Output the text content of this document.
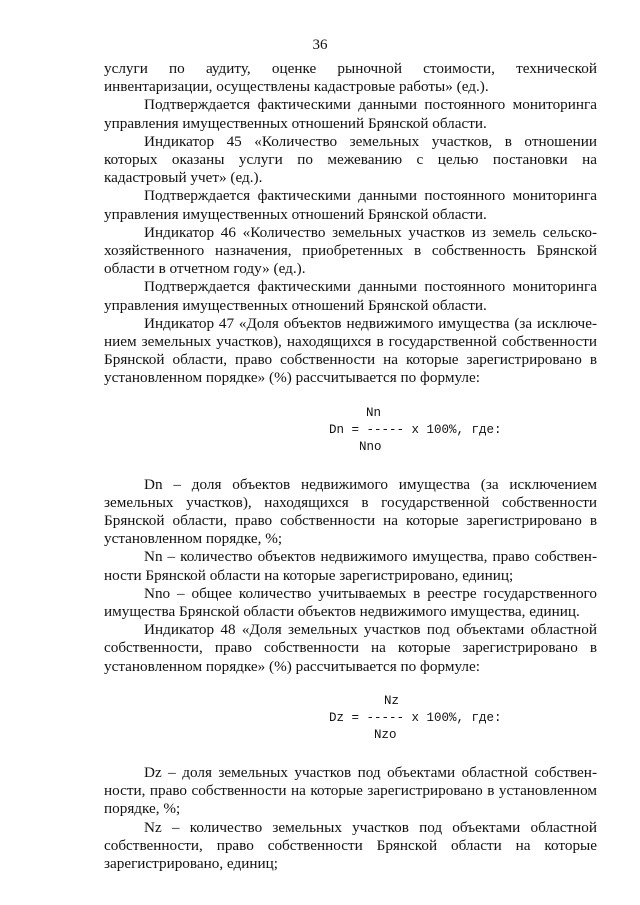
36

услуги по аудиту, оценке рыночной стоимости, технической инвентаризации, осуществлены кадастровые работы» (ед.).

Подтверждается фактическими данными постоянного мониторинга управления имущественных отношений Брянской области.

Индикатор 45 «Количество земельных участков, в отношении которых оказаны услуги по межеванию с целью постановки на кадастровый учет» (ед.).

Подтверждается фактическими данными постоянного мониторинга управления имущественных отношений Брянской области.

Индикатор 46 «Количество земельных участков из земель сельскохозяйственного назначения, приобретенных в собственность Брянской области в отчетном году» (ед.).

Подтверждается фактическими данными постоянного мониторинга управления имущественных отношений Брянской области.

Индикатор 47 «Доля объектов недвижимого имущества (за исключением земельных участков), находящихся в государственной собственности Брянской области, право собственности на которые зарегистрировано в установленном порядке» (%) рассчитывается по формуле:

Nn
Dn = ----- x 100%, где:
Nno

Dn – доля объектов недвижимого имущества (за исключением земельных участков), находящихся в государственной собственности Брянской области, право собственности на которые зарегистрировано в установленном порядке, %;

Nn – количество объектов недвижимого имущества, право собственности Брянской области на которые зарегистрировано, единиц;

Nno – общее количество учитываемых в реестре государственного имущества Брянской области объектов недвижимого имущества, единиц.

Индикатор 48 «Доля земельных участков под объектами областной собственности, право собственности на которые зарегистрировано в установленном порядке» (%) рассчитывается по формуле:

Nz
Dz = ----- x 100%, где:
Nzo

Dz – доля земельных участков под объектами областной собственности, право собственности на которые зарегистрировано в установленном порядке, %;

Nz – количество земельных участков под объектами областной собственности, право собственности Брянской области на которые зарегистрировано, единиц;
